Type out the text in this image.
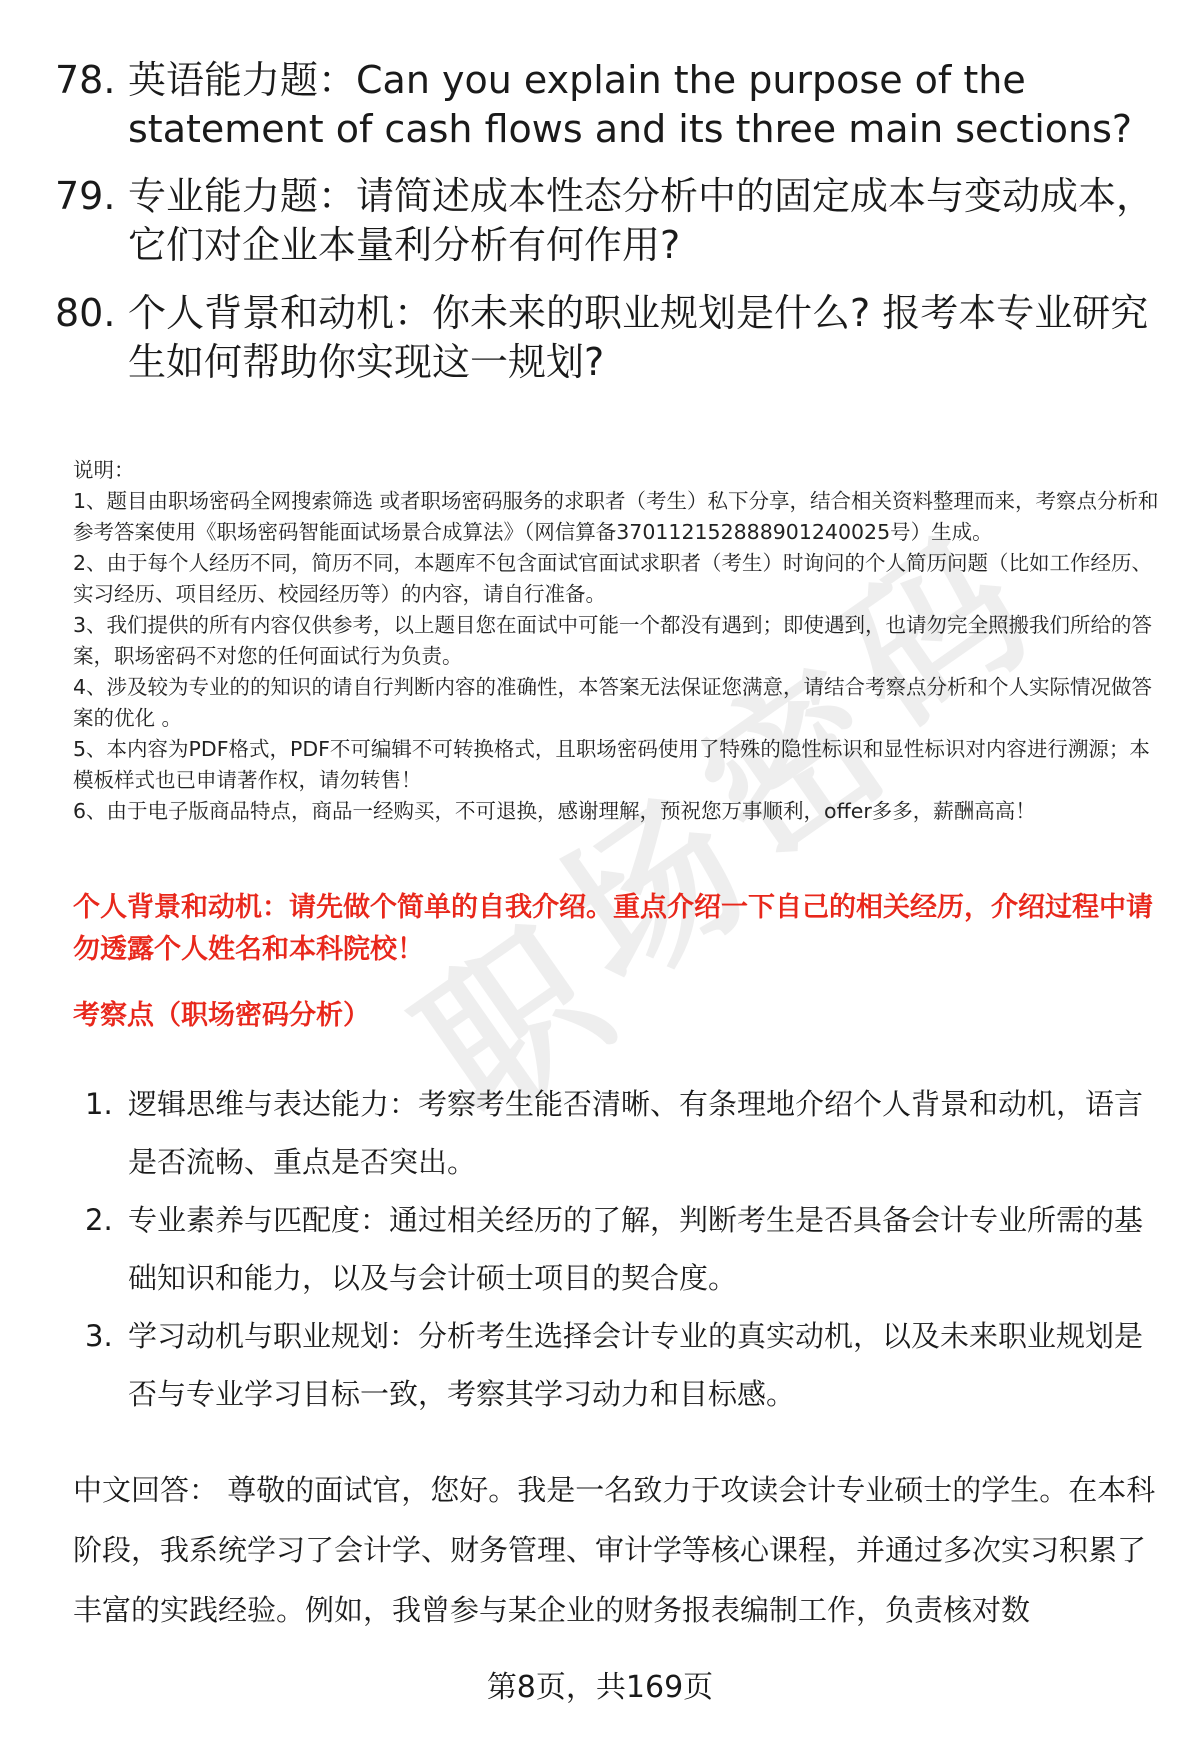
职
场
密
码
78. 英语能力题：Can you explain the purpose of the statement of cash flows and its three main sections?
79. 专业能力题：请简述成本性态分析中的固定成本与变动成本，它们对企业本量利分析有何作用?
80. 个人背景和动机：你未来的职业规划是什么? 报考本专业研究生如何帮助你实现这一规划?

说明：

1、题目由职场密码全网搜索筛选 或者职场密码服务的求职者（考生）私下分享，结合相关资料整理而来，考察点分析和参考答案使用《职场密码智能面试场景合成算法》（网信算备370112152888901240025号）生成。

2、由于每个人经历不同，简历不同，本题库不包含面试官面试求职者（考生）时询问的个人简历问题（比如工作经历、实习经历、项目经历、校园经历等）的内容，请自行准备。

3、我们提供的所有内容仅供参考，以上题目您在面试中可能一个都没有遇到；即使遇到，也请勿完全照搬我们所给的答案，职场密码不对您的任何面试行为负责。

4、涉及较为专业的的知识的请自行判断内容的准确性，本答案无法保证您满意，请结合考察点分析和个人实际情况做答案的优化 。

5、本内容为PDF格式，PDF不可编辑不可转换格式，且职场密码使用了特殊的隐性标识和显性标识对内容进行溯源；本模板样式也已申请著作权，请勿转售！

6、由于电子版商品特点，商品一经购买，不可退换，感谢理解，预祝您万事顺利，offer多多，薪酬高高！

个人背景和动机：请先做个简单的自我介绍。重点介绍一下自己的相关经历，介绍过程中请勿透露个人姓名和本科院校！
考察点（职场密码分析）
1. 逻辑思维与表达能力：考察考生能否清晰、有条理地介绍个人背景和动机，语言是否流畅、重点是否突出。
2. 专业素养与匹配度：通过相关经历的了解，判断考生是否具备会计专业所需的基础知识和能力，以及与会计硕士项目的契合度。
3. 学习动机与职业规划：分析考生选择会计专业的真实动机，以及未来职业规划是否与专业学习目标一致，考察其学习动力和目标感。
中文回答： 尊敬的面试官，您好。我是一名致力于攻读会计专业硕士的学生。在本科阶段，我系统学习了会计学、财务管理、审计学等核心课程，并通过多次实习积累了丰富的实践经验。例如，我曾参与某企业的财务报表编制工作，负责核对数
第8页，共169页
